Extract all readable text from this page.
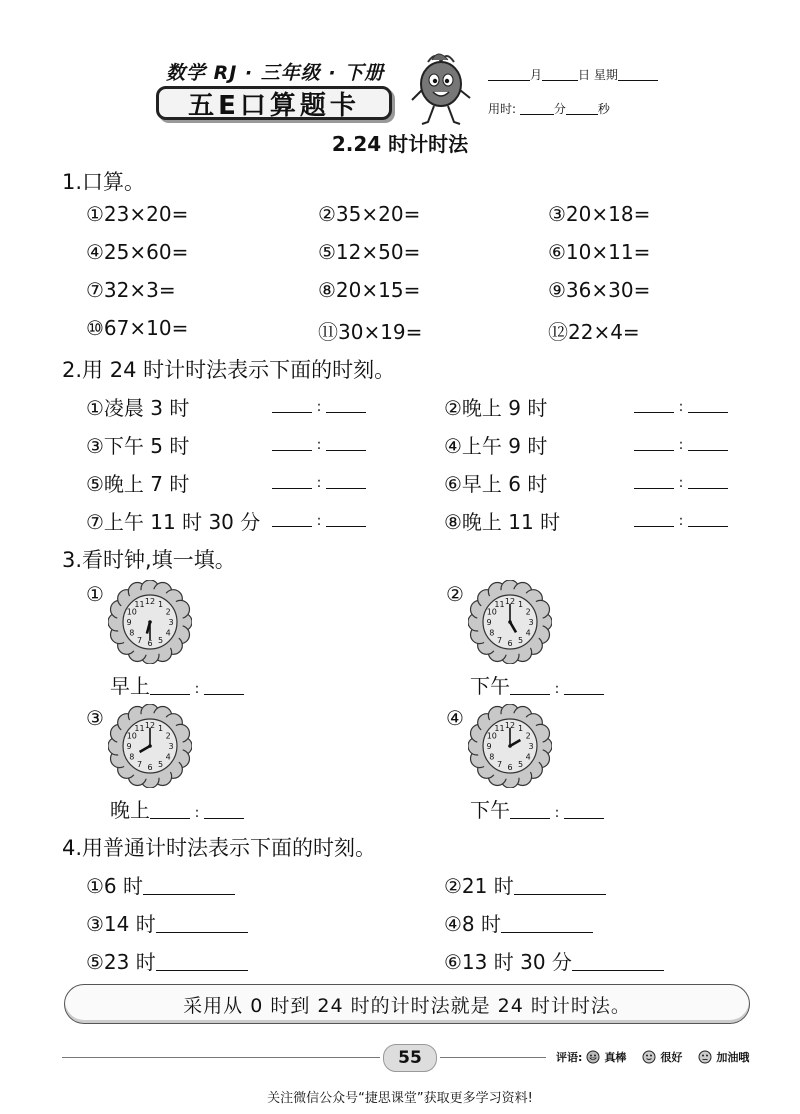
数学 RJ · 三年级 · 下册
五E口算题卡
月	日 星期
用时:	分	秒
2.24 时计时法
1.口算。
①23×20=	②35×20=	③20×18=
④25×60=	⑤12×50=	⑥10×11=
⑦32×3=	⑧20×15=	⑨36×30=
⑩67×10=	⑪30×19=	⑫22×4=
2.用 24 时计时法表示下面的时刻。
①凌晨 3 时	:	②晚上 9 时	:
③下午 5 时	:	④上午 9 时	:
⑤晚上 7 时	:	⑥早上 6 时	:
⑦上午 11 时 30 分	:	⑧晚上 11 时	:
3.看时钟,填一填。
①	12 1
2
3
4
5
6
7
8
9
10
11
早上	:
②	12 1
2
3
4
5
6
7
8
9
10
11
下午	:
③	12 1
2
3
4
5
6
7
8
9
10
11
晚上	:
④	12 1
2
3
4
5
6
7
8
9
10
11
下午	:
4.用普通计时法表示下面的时刻。
①6 时	②21 时
③14 时	④8 时
⑤23 时	⑥13 时 30 分
采用从 0 时到 24 时的计时法就是 24 时计时法。
55	评语: 真棒	很好	加油哦
关注微信公众号“捷思课堂”获取更多学习资料!
